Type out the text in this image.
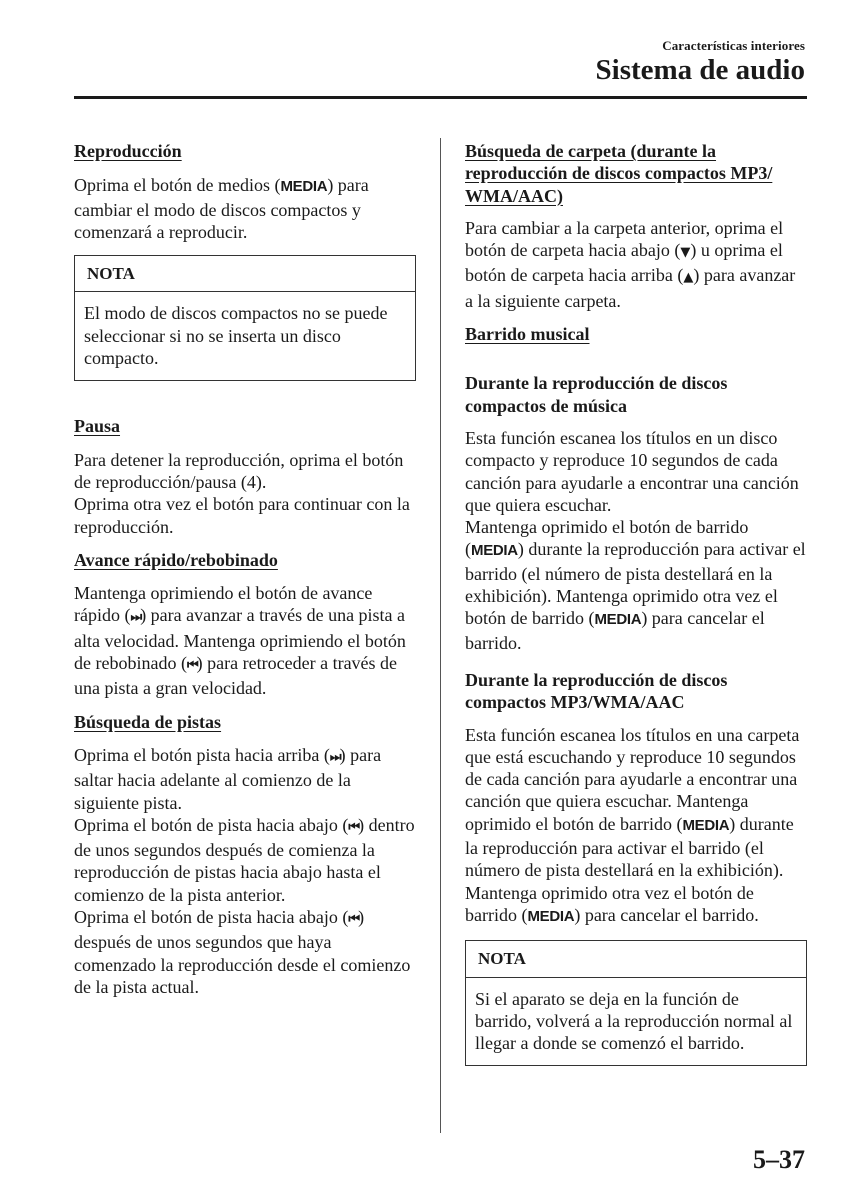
Características interiores
Sistema de audio

Reproducción

Oprima el botón de medios (MEDIA) para cambiar el modo de discos compactos y comenzará a reproducir.

NOTA
El modo de discos compactos no se puede seleccionar si no se inserta un disco compacto.

Pausa

Para detener la reproducción, oprima el botón de reproducción/pausa (4).

Oprima otra vez el botón para continuar con la reproducción.

Avance rápido/rebobinado

Mantenga oprimiendo el botón de avance rápido (⏭) para avanzar a través de una pista a alta velocidad. Mantenga oprimiendo el botón de rebobinado (⏮) para retroceder a través de una pista a gran velocidad.

Búsqueda de pistas

Oprima el botón pista hacia arriba (⏭) para saltar hacia adelante al comienzo de la siguiente pista.

Oprima el botón de pista hacia abajo (⏮) dentro de unos segundos después de comienza la reproducción de pistas hacia abajo hasta el comienzo de la pista anterior.

Oprima el botón de pista hacia abajo (⏮) después de unos segundos que haya comenzado la reproducción desde el comienzo de la pista actual.

Búsqueda de carpeta (durante la reproducción de discos compactos MP3/ WMA/AAC)

Para cambiar a la carpeta anterior, oprima el botón de carpeta hacia abajo (▼) u oprima el botón de carpeta hacia arriba (▲) para avanzar a la siguiente carpeta.

Barrido musical

Durante la reproducción de discos compactos de música

Esta función escanea los títulos en un disco compacto y reproduce 10 segundos de cada canción para ayudarle a encontrar una canción que quiera escuchar.

Mantenga oprimido el botón de barrido (MEDIA) durante la reproducción para activar el barrido (el número de pista destellará en la exhibición). Mantenga oprimido otra vez el botón de barrido (MEDIA) para cancelar el barrido.

Durante la reproducción de discos compactos MP3/WMA/AAC

Esta función escanea los títulos en una carpeta que está escuchando y reproduce 10 segundos de cada canción para ayudarle a encontrar una canción que quiera escuchar. Mantenga oprimido el botón de barrido (MEDIA) durante la reproducción para activar el barrido (el número de pista destellará en la exhibición).

Mantenga oprimido otra vez el botón de barrido (MEDIA) para cancelar el barrido.

NOTA
Si el aparato se deja en la función de barrido, volverá a la reproducción normal al llegar a donde se comenzó el barrido.
5–37
